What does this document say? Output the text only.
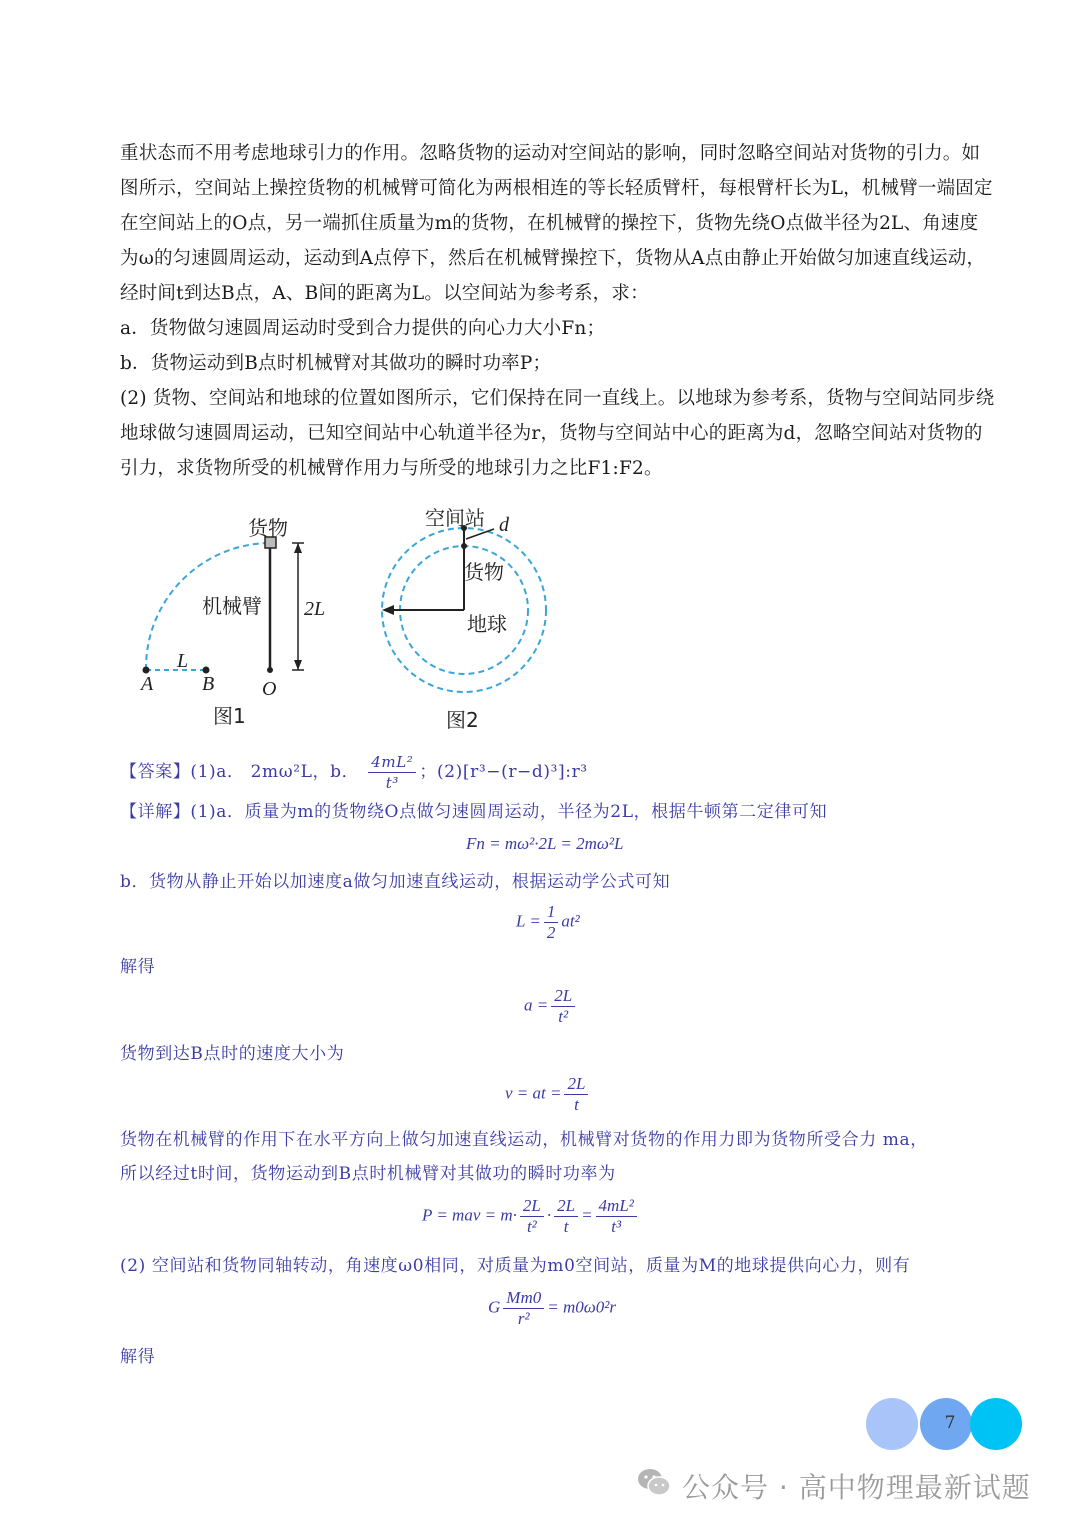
重状态而不用考虑地球引力的作用。忽略货物的运动对空间站的影响，同时忽略空间站对货物的引力。如
图所示，空间站上操控货物的机械臂可简化为两根相连的等长轻质臂杆，每根臂杆长为L，机械臂一端固定
在空间站上的O点，另一端抓住质量为m的货物，在机械臂的操控下，货物先绕O点做半径为2L、角速度
为ω的匀速圆周运动，运动到A点停下，然后在机械臂操控下，货物从A点由静止开始做匀加速直线运动，
经时间t到达B点，A、B间的距离为L。以空间站为参考系，求：
a．货物做匀速圆周运动时受到合力提供的向心力大小Fn；
b．货物运动到B点时机械臂对其做功的瞬时功率P；
(2) 货物、空间站和地球的位置如图所示，它们保持在同一直线上。以地球为参考系，货物与空间站同步绕
地球做匀速圆周运动，已知空间站中心轨道半径为r，货物与空间站中心的距离为d，忽略空间站对货物的
引力，求货物所受的机械臂作用力与所受的地球引力之比F1:F2。
货物
机械臂 2L
L
A B O
图1
空间站 d
货物
地球
图2
【答案】(1)a． 2mω²L，b． $\frac{\text{4mL²}}{\text{t³}}$ ；(2)[r³−(r−d)³]:r³
【详解】(1)a．质量为m的货物绕O点做匀速圆周运动，半径为2L，根据牛顿第二定律可知
Fn = mω²·2L = 2mω²L
b．货物从静止开始以加速度a做匀加速直线运动，根据运动学公式可知
$L = \frac{1}{2} at^2$
解得
$a = \frac{2L}{\text{t²}}$
货物到达B点时的速度大小为
v = at = $\frac{2L}{t}$
货物在机械臂的作用下在水平方向上做匀加速直线运动，机械臂对货物的作用力即为货物所受合力 ma，
所以经过t时间，货物运动到B点时机械臂对其做功的瞬时功率为
P = mav = $m\cdot \frac{2L}{\text{t²}} \cdot \frac{2L}{t} = \frac{\text{4mL²}}{\text{t³}}$
(2) 空间站和货物同轴转动，角速度ω0相同，对质量为m0空间站，质量为M的地球提供向心力，则有
G $\frac{Mm0}{\text{r²}} = m0\omega 0^2r$
解得
7
公众号 · 高中物理最新试题
